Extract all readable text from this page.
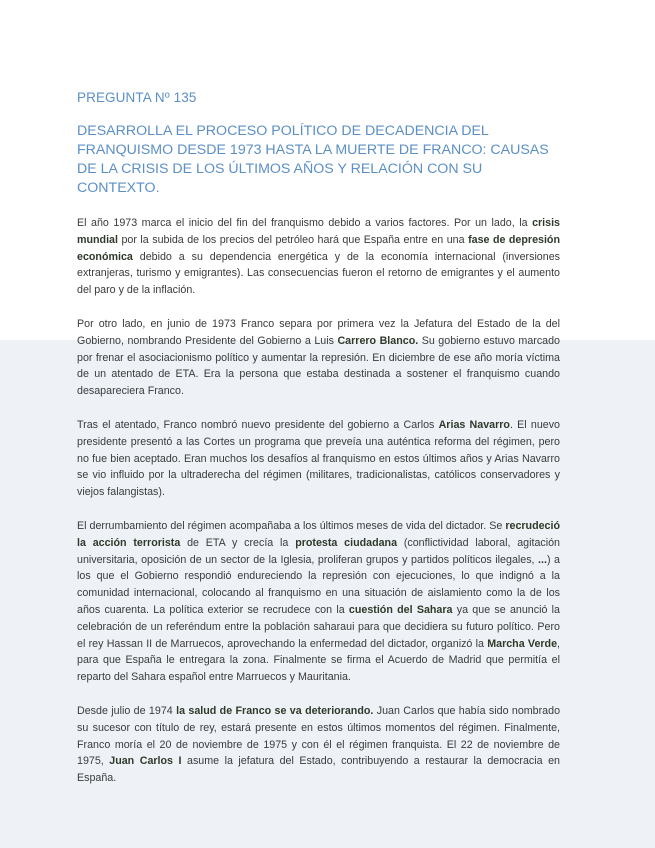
PREGUNTA Nº 135
DESARROLLA EL PROCESO POLÍTICO DE DECADENCIA DEL FRANQUISMO DESDE 1973 HASTA LA MUERTE DE FRANCO: CAUSAS DE LA CRISIS DE LOS ÚLTIMOS AÑOS Y RELACIÓN CON SU CONTEXTO.

El año 1973 marca el inicio del fin del franquismo debido a varios factores. Por un lado, la crisis mundial por la subida de los precios del petróleo hará que España entre en una fase de depresión económica debido a su dependencia energética y de la economía internacional (inversiones extranjeras, turismo y emigrantes). Las consecuencias fueron el retorno de emigrantes y el aumento del paro y de la inflación.

Por otro lado, en junio de 1973 Franco separa por primera vez la Jefatura del Estado de la del Gobierno, nombrando Presidente del Gobierno a Luis Carrero Blanco. Su gobierno estuvo marcado por frenar el asociacionismo político y aumentar la represión. En diciembre de ese año moría víctima de un atentado de ETA. Era la persona que estaba destinada a sostener el franquismo cuando desapareciera Franco.

Tras el atentado, Franco nombró nuevo presidente del gobierno a Carlos Arias Navarro. El nuevo presidente presentó a las Cortes un programa que preveía una auténtica reforma del régimen, pero no fue bien aceptado. Eran muchos los desafíos al franquismo en estos últimos años y Arias Navarro se vio influido por la ultraderecha del régimen (militares, tradicionalistas, católicos conservadores y viejos falangistas).

El derrumbamiento del régimen acompañaba a los últimos meses de vida del dictador. Se recrudeció la acción terrorista de ETA y crecía la protesta ciudadana (conflictividad laboral, agitación universitaria, oposición de un sector de la Iglesia, proliferan grupos y partidos políticos ilegales, ...) a los que el Gobierno respondió endureciendo la represión con ejecuciones, lo que indignó a la comunidad internacional, colocando al franquismo en una situación de aislamiento como la de los años cuarenta. La política exterior se recrudece con la cuestión del Sahara ya que se anunció la celebración de un referéndum entre la población saharaui para que decidiera su futuro político. Pero el rey Hassan II de Marruecos, aprovechando la enfermedad del dictador, organizó la Marcha Verde, para que España le entregara la zona. Finalmente se firma el Acuerdo de Madrid que permitía el reparto del Sahara español entre Marruecos y Mauritania.

Desde julio de 1974 la salud de Franco se va deteriorando. Juan Carlos que había sido nombrado su sucesor con título de rey, estará presente en estos últimos momentos del régimen. Finalmente, Franco moría el 20 de noviembre de 1975 y con él el régimen franquista. El 22 de noviembre de 1975, Juan Carlos I asume la jefatura del Estado, contribuyendo a restaurar la democracia en España.
